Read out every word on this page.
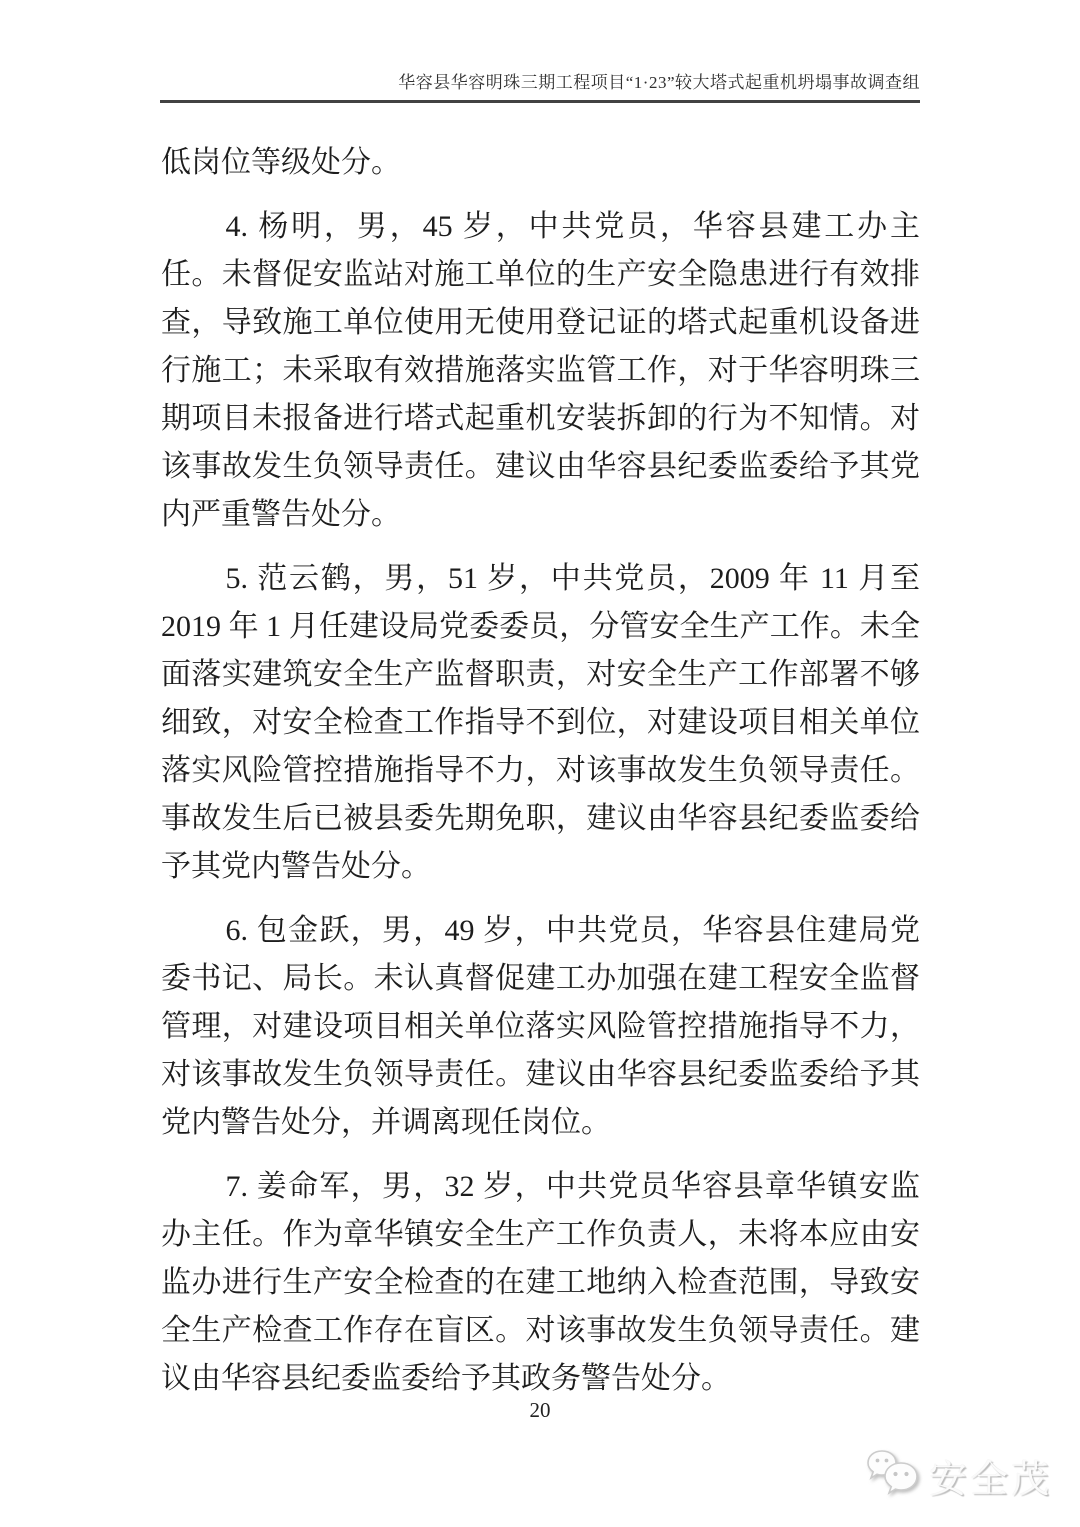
华容县华容明珠三期工程项目“1·23”较大塔式起重机坍塌事故调查组

低岗位等级处分。

4. 杨明，男，45 岁，中共党员，华容县建工办主任。未督促安监站对施工单位的生产安全隐患进行有效排查，导致施工单位使用无使用登记证的塔式起重机设备进行施工；未采取有效措施落实监管工作，对于华容明珠三期项目未报备进行塔式起重机安装拆卸的行为不知情。对该事故发生负领导责任。建议由华容县纪委监委给予其党内严重警告处分。

5. 范云鹤，男，51 岁，中共党员，2009 年 11 月至 2019 年 1 月任建设局党委委员，分管安全生产工作。未全面落实建筑安全生产监督职责，对安全生产工作部署不够细致，对安全检查工作指导不到位，对建设项目相关单位落实风险管控措施指导不力，对该事故发生负领导责任。事故发生后已被县委先期免职，建议由华容县纪委监委给予其党内警告处分。

6. 包金跃，男，49 岁，中共党员，华容县住建局党委书记、局长。未认真督促建工办加强在建工程安全监督管理，对建设项目相关单位落实风险管控措施指导不力，对该事故发生负领导责任。建议由华容县纪委监委给予其党内警告处分，并调离现任岗位。

7. 姜命军，男，32 岁，中共党员华容县章华镇安监办主任。作为章华镇安全生产工作负责人，未将本应由安监办进行生产安全检查的在建工地纳入检查范围，导致安全生产检查工作存在盲区。对该事故发生负领导责任。建议由华容县纪委监委给予其政务警告处分。

20
安全茂
